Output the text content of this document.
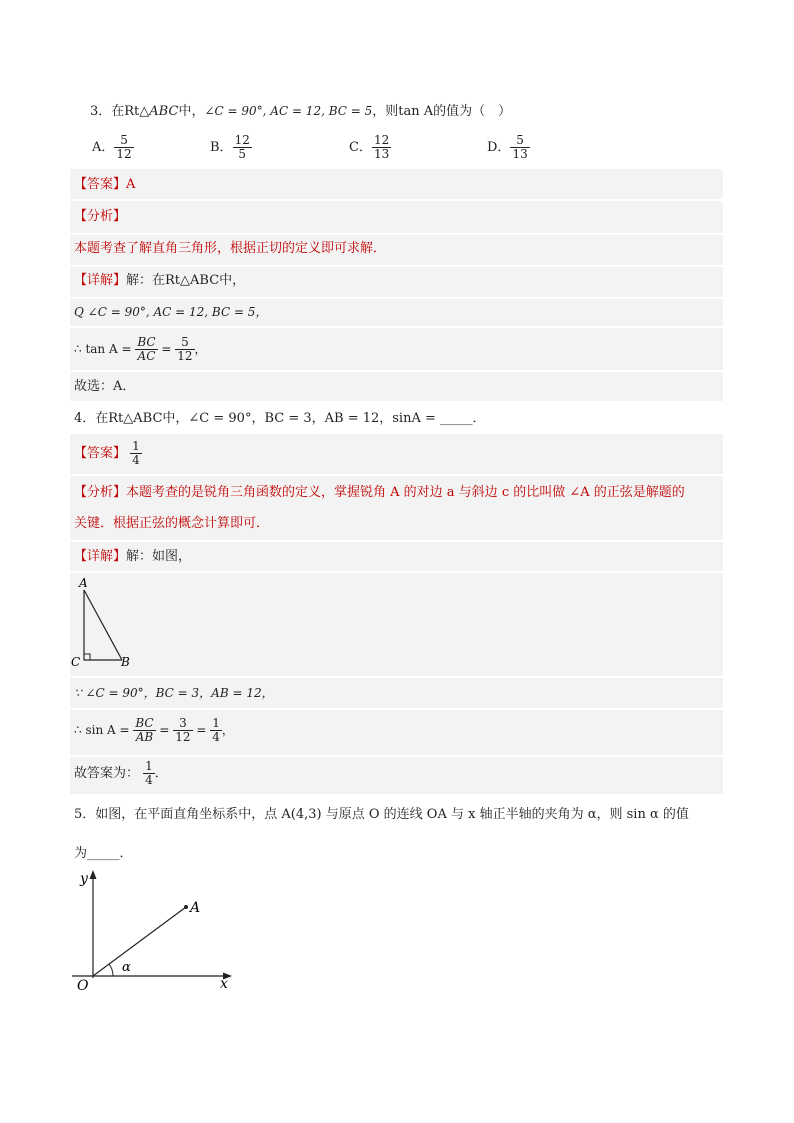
3．在Rt△ABC中，∠C = 90°, AC = 12, BC = 5，则tan A的值为（　）
A． $\frac{5}{12}$	B． $\frac{12}{5}$	C． $\frac{12}{13}$	D． $\frac{5}{13}$
【答案】A
【分析】
本题考查了解直角三角形，根据正切的定义即可求解．
【详解】解：在Rt△ABC中，
Q ∠C = 90°, AC = 12, BC = 5，
∴ $\tan A = \frac{BC}{AC} = \frac{5}{12}$ ，
故选：A．
4．在Rt△ABC中，∠C = 90°，BC = 3，AB = 12，sinA = _____．
【答案】 $\frac{1}{4}$
【分析】本题考查的是锐角三角函数的定义，掌握锐角 A 的对边 a 与斜边 c 的比叫做 ∠A 的正弦是解题的
关键．根据正弦的概念计算即可．
【详解】解：如图，
A
C	B
∵ ∠C = 90°，BC = 3，AB = 12，
∴ $\sin A = \frac{BC}{AB} = \frac{3}{12} = \frac{1}{4}$ ，
故答案为： $\frac{1}{4}$ ．
5．如图，在平面直角坐标系中，点 A(4,3) 与原点 O 的连线 OA 与 x 轴正半轴的夹角为 α，则 sin α 的值
为_____．
y
x
O
A
α
